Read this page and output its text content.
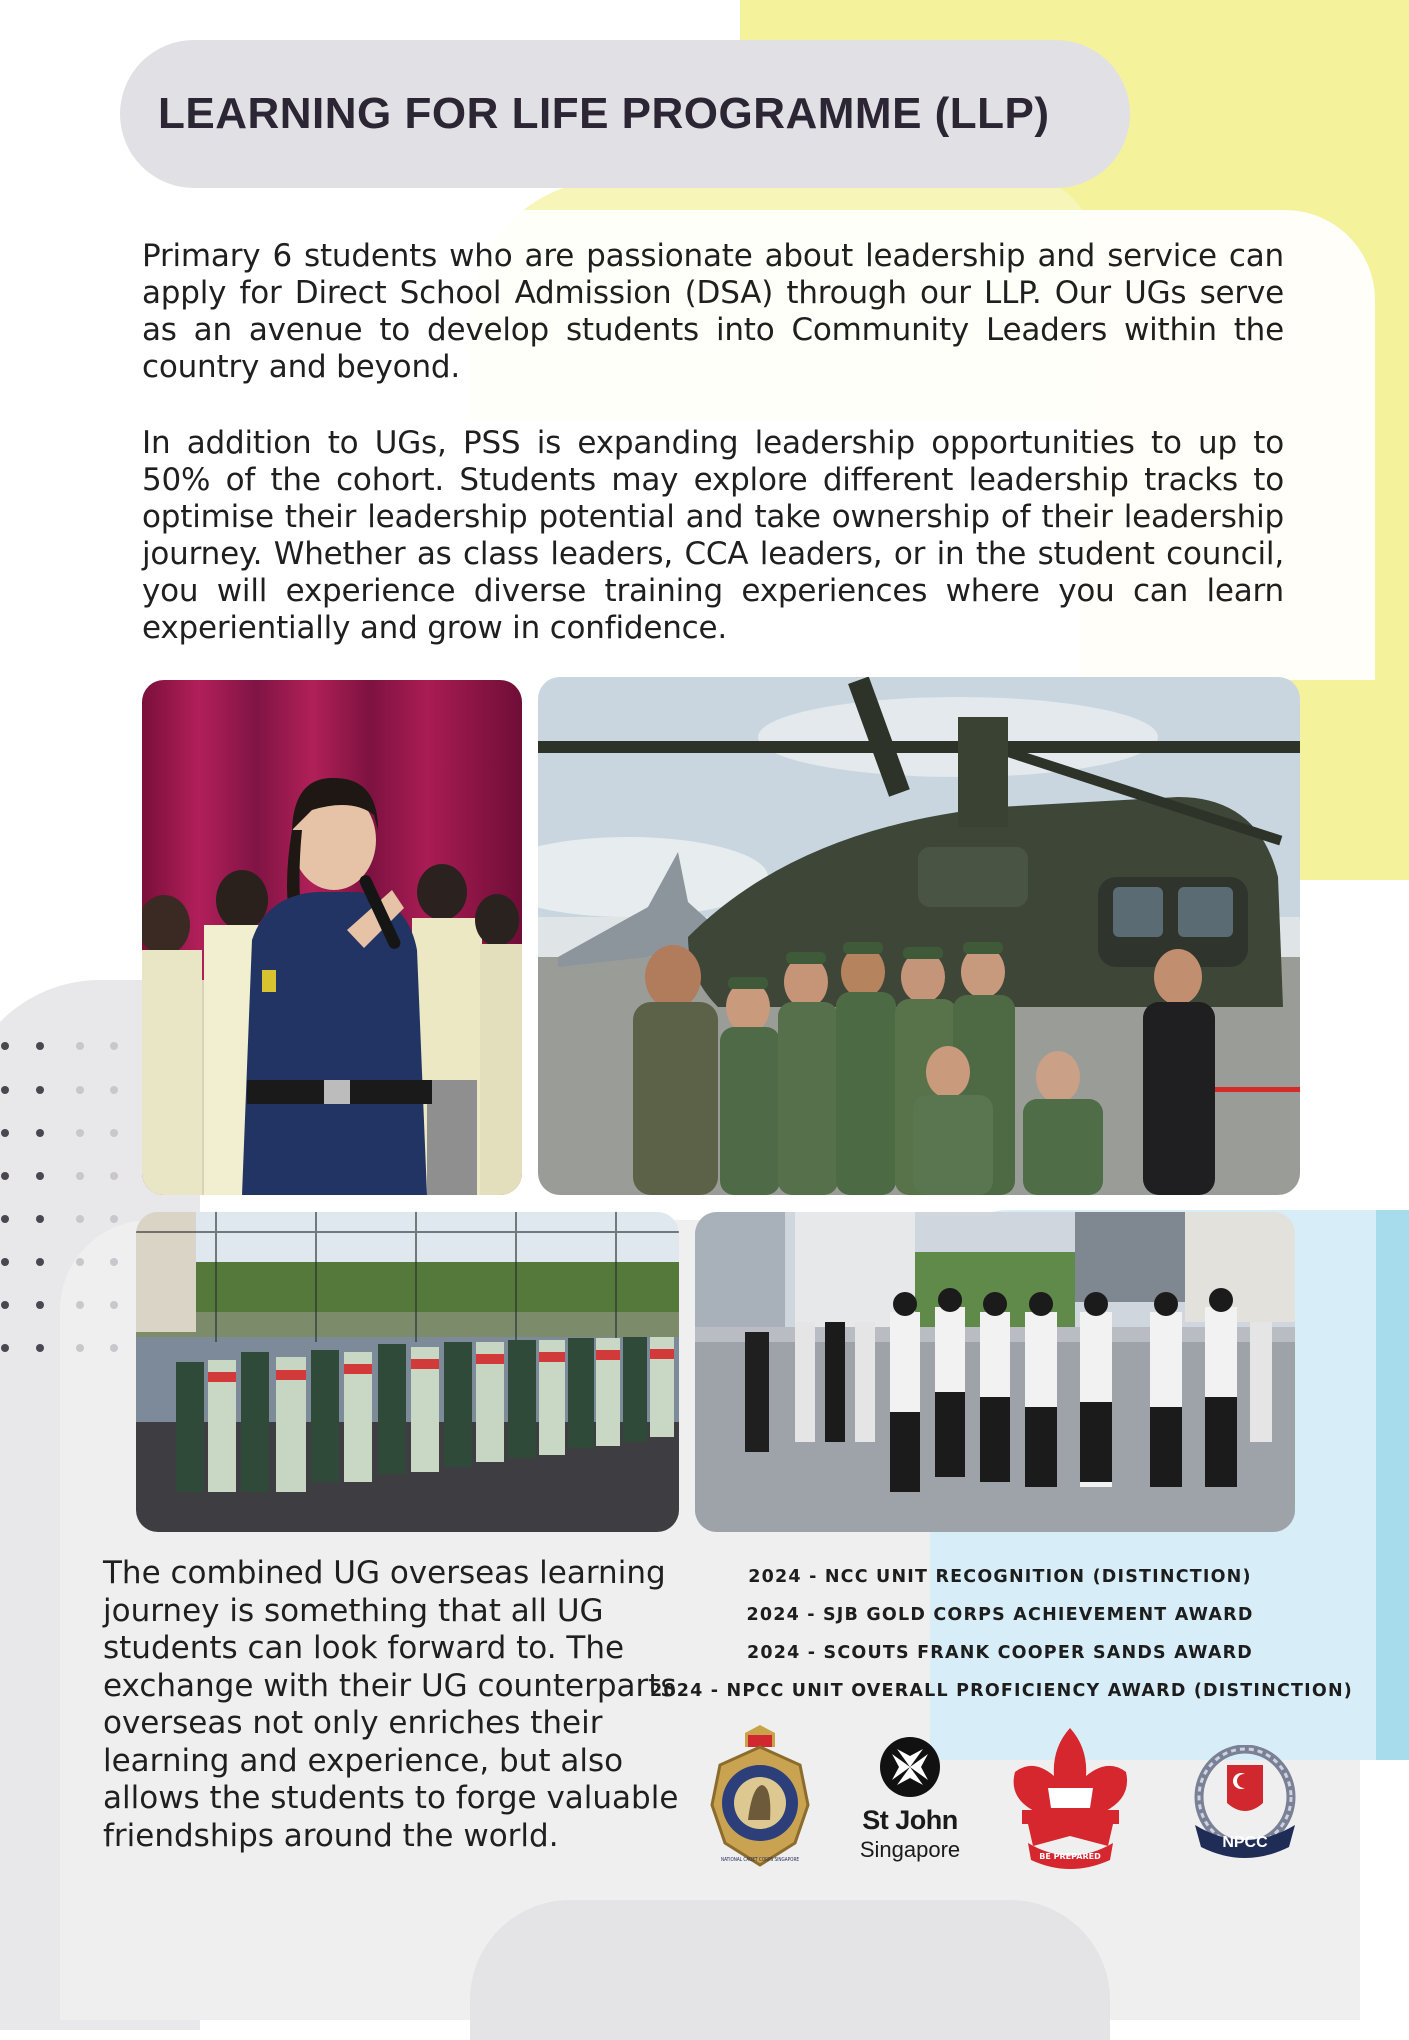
LEARNING FOR LIFE PROGRAMME (LLP)

Primary 6 students who are passionate about leadership and service can apply for Direct School Admission (DSA) through our LLP. Our UGs serve as an avenue to develop students into Community Leaders within the country and beyond.

In addition to UGs, PSS is expanding leadership opportunities to up to 50% of the cohort. Students may explore different leadership tracks to optimise their leadership potential and take ownership of their leadership journey. Whether as class leaders, CCA leaders, or in the student council, you will experience diverse training experiences where you can learn experientially and grow in confidence.

The combined UG overseas learning journey is something that all UG students can look forward to. The exchange with their UG counterparts overseas not only enriches their learning and experience, but also allows the students to forge valuable friendships around the world.

2024 - NCC UNIT RECOGNITION (DISTINCTION)
2024 - SJB GOLD CORPS ACHIEVEMENT AWARD
2024 - SCOUTS FRANK COOPER SANDS AWARD
2024 - NPCC UNIT OVERALL PROFICIENCY AWARD (DISTINCTION)
NATIONAL CADET CORPS SINGAPORE
St John
Singapore	BE PREPARED
NPCC
